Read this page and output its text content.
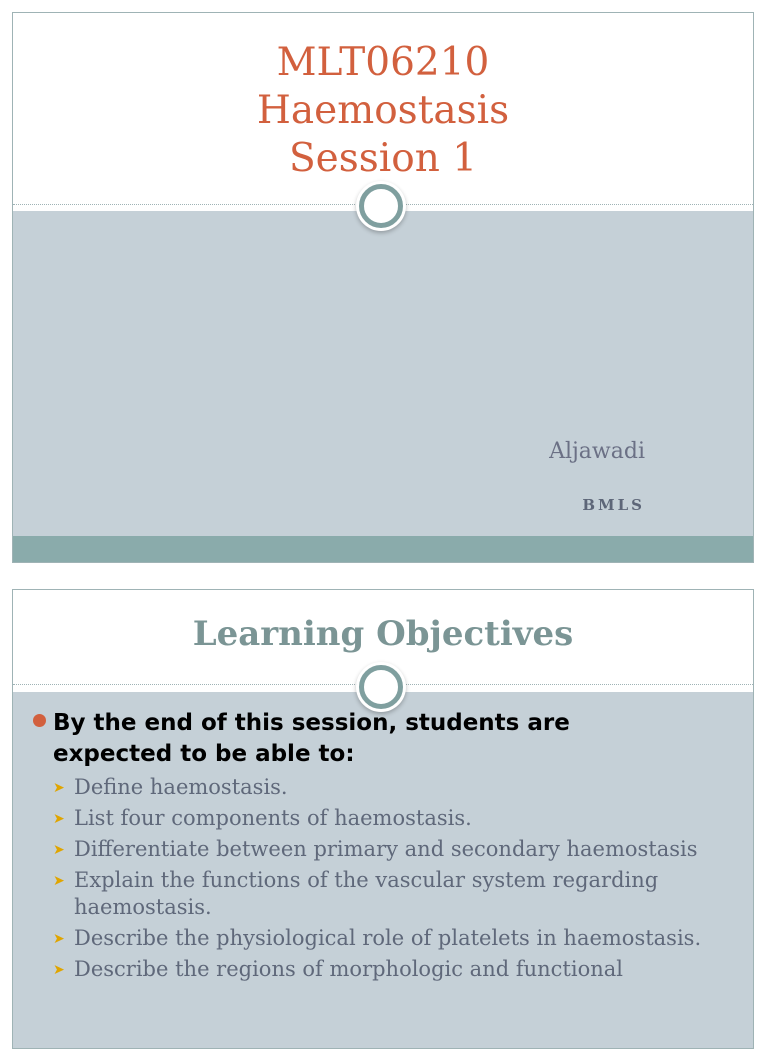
MLT06210
Haemostasis
Session 1
Aljawadi
BMLS
Learning Objectives
By the end of this session, students are expected to be able to:
➤ Define haemostasis.
➤ List four components of haemostasis.
➤ Differentiate between primary and secondary haemostasis
➤ Explain the functions of the vascular system regarding haemostasis.
➤ Describe the physiological role of platelets in haemostasis.
➤ Describe the regions of morphologic and functional
